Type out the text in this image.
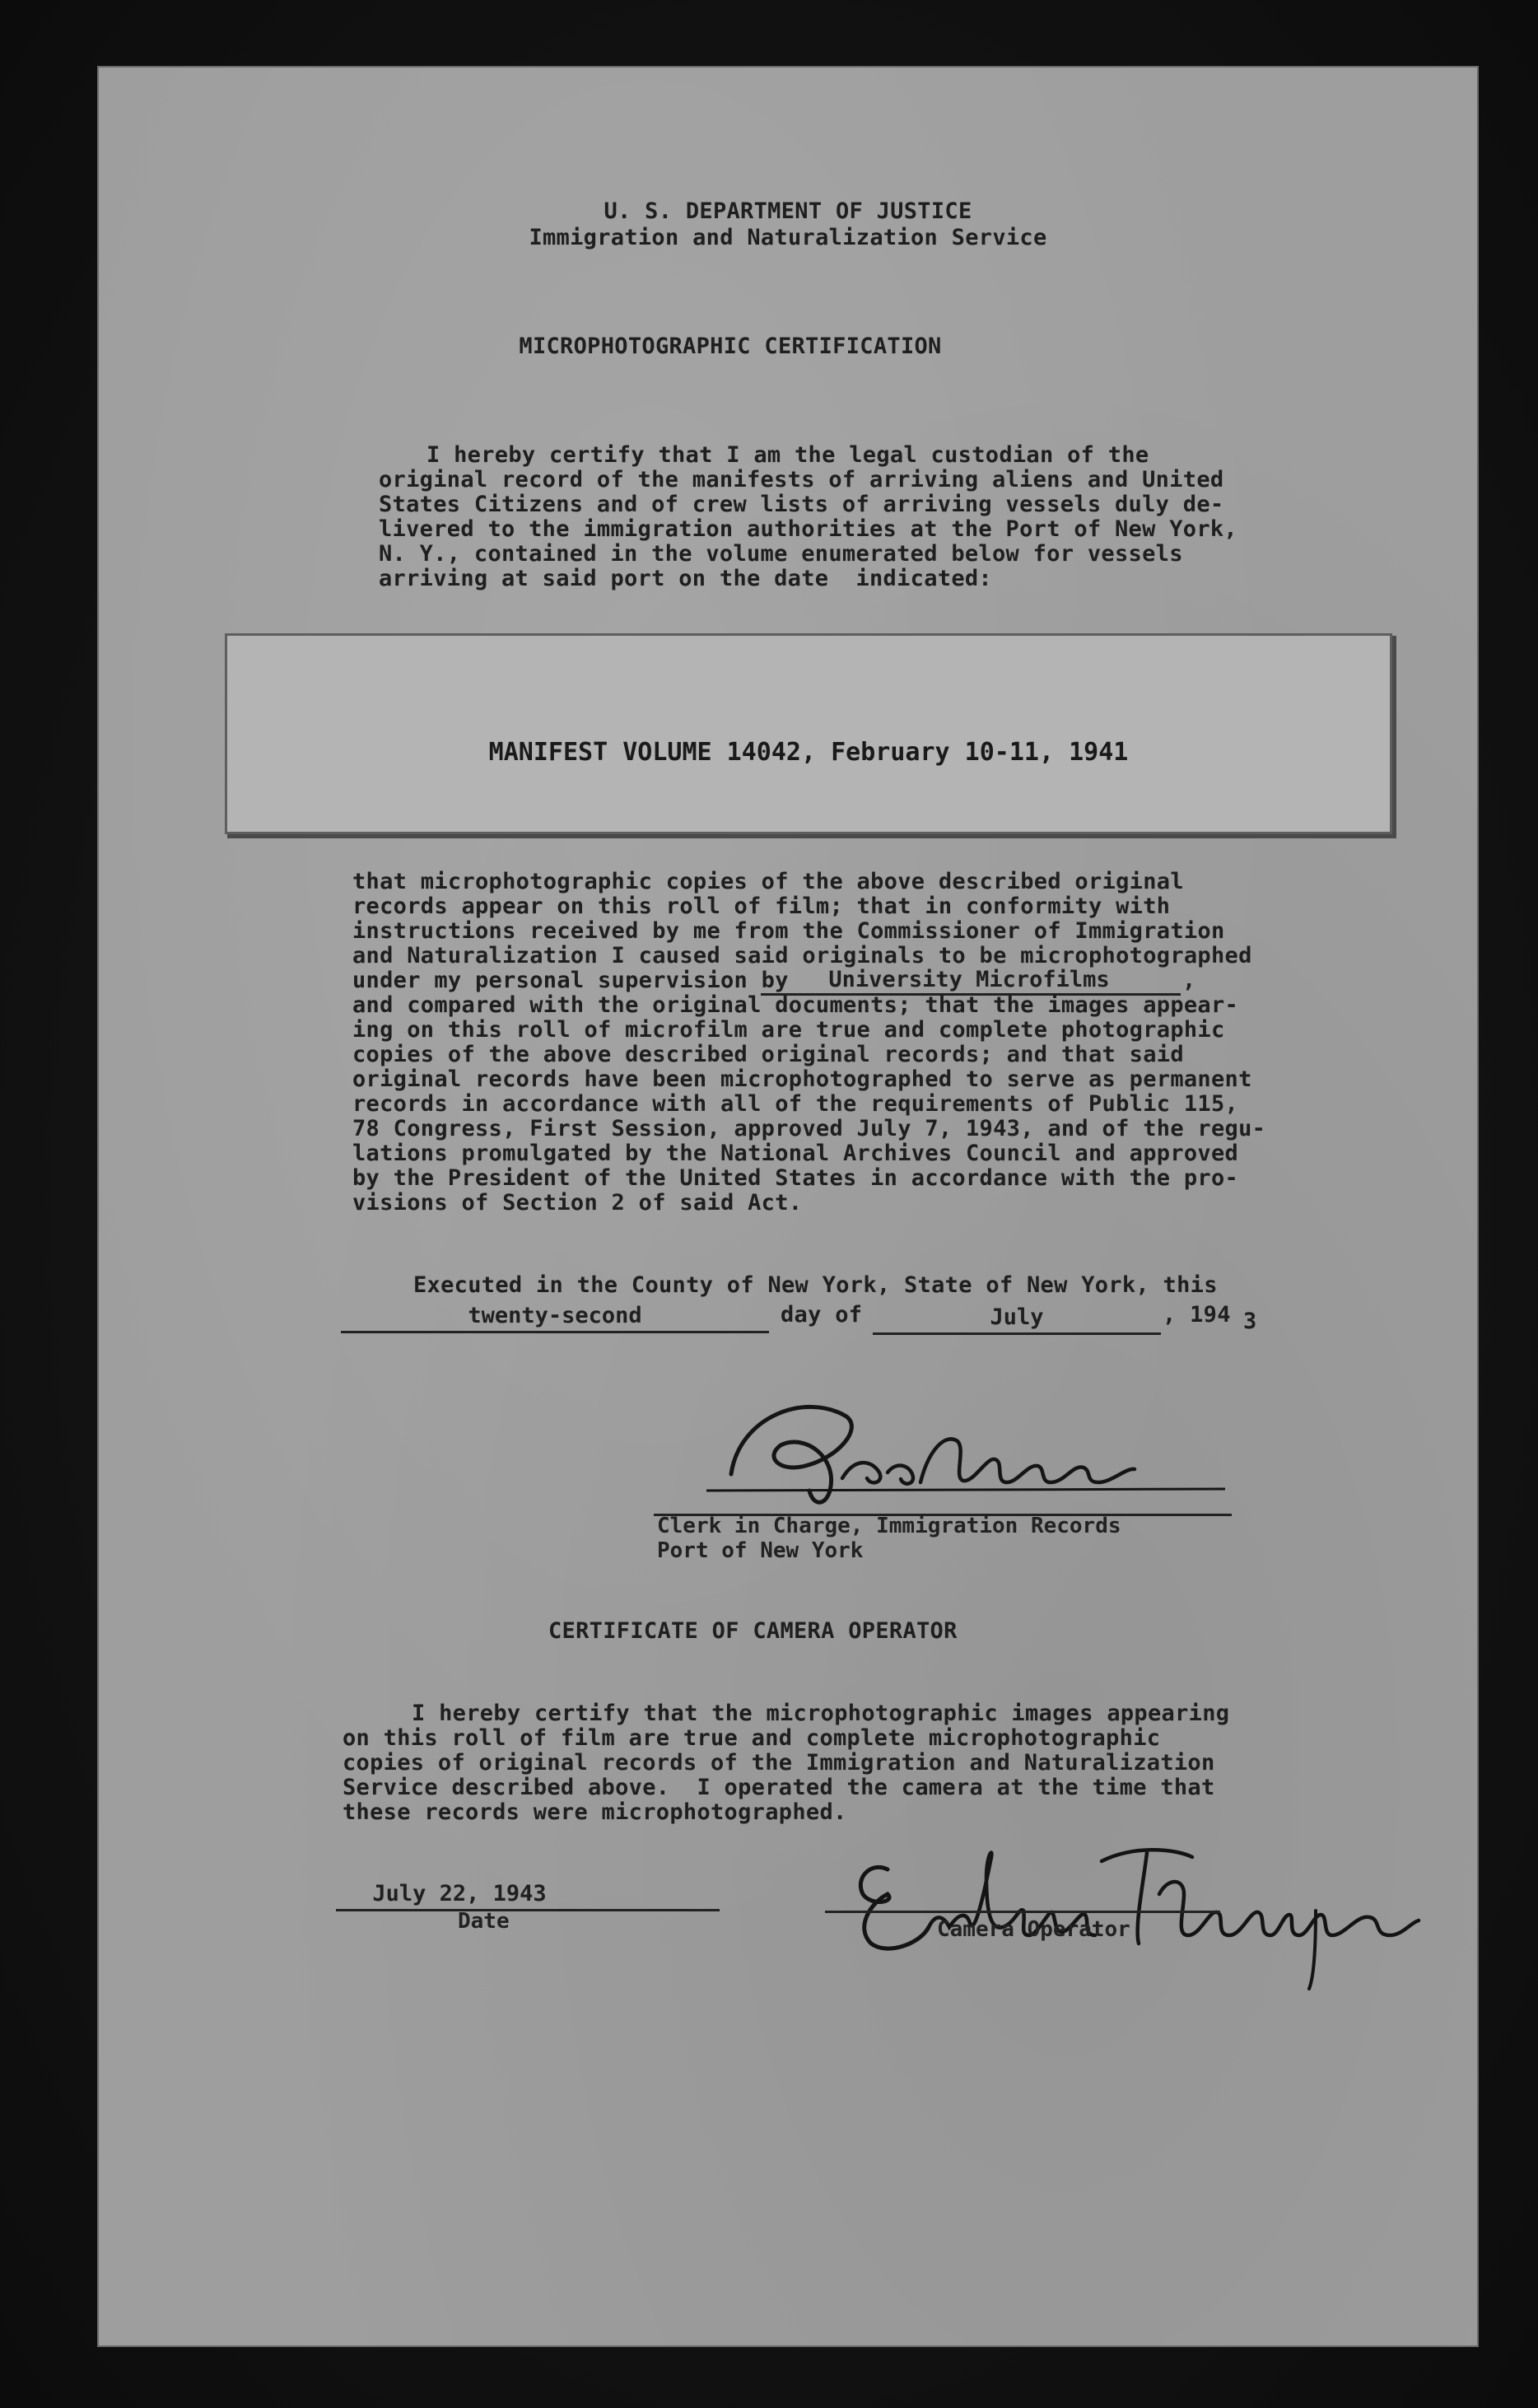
U. S. DEPARTMENT OF JUSTICE
Immigration and Naturalization Service
MICROPHOTOGRAPHIC CERTIFICATION
I hereby certify that I am the legal custodian of the
original record of the manifests of arriving aliens and United
States Citizens and of crew lists of arriving vessels duly de-
livered to the immigration authorities at the Port of New York,
N. Y., contained in the volume enumerated below for vessels
arriving at said port on the date  indicated:
MANIFEST VOLUME 14042, February 10-11, 1941
that microphotographic copies of the above described original
records appear on this roll of film; that in conformity with
instructions received by me from the Commissioner of Immigration
and Naturalization I caused said originals to be microphotographed
under my personal supervision by	University Microfilms	,
and compared with the original documents; that the images appear-
ing on this roll of microfilm are true and complete photographic
copies of the above described original records; and that said
original records have been microphotographed to serve as permanent
records in accordance with all of the requirements of Public 115,
78 Congress, First Session, approved July 7, 1943, and of the regu-
lations promulgated by the National Archives Council and approved
by the President of the United States in accordance with the pro-
visions of Section 2 of said Act.
Executed in the County of New York, State of New York, this
twenty-second	day of	July	, 194 3
Clerk in Charge, Immigration Records
Port of New York
CERTIFICATE OF CAMERA OPERATOR
I hereby certify that the microphotographic images appearing
on this roll of film are true and complete microphotographic
copies of original records of the Immigration and Naturalization
Service described above.  I operated the camera at the time that
these records were microphotographed.
July 22, 1943
Date	Camera Operator
